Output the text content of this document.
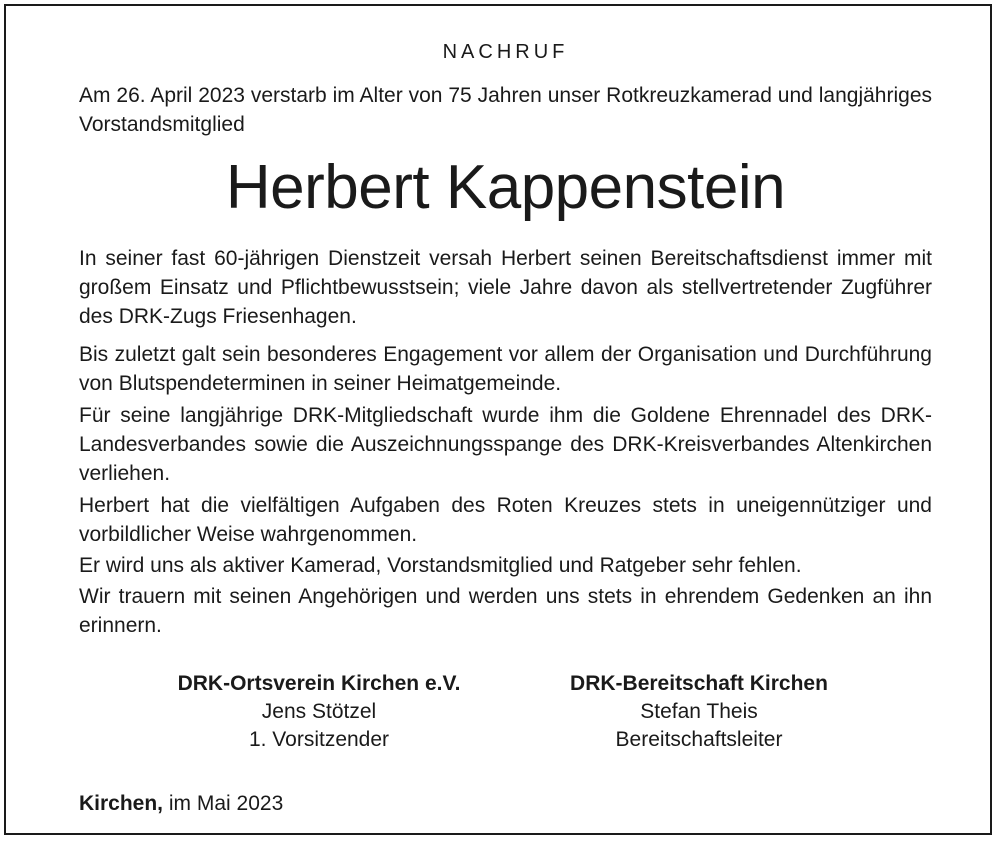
NACHRUF
Am 26. April 2023 verstarb im Alter von 75 Jahren unser Rotkreuzkamerad und langjähriges Vorstandsmitglied
Herbert Kappenstein
In seiner fast 60-jährigen Dienstzeit versah Herbert seinen Bereitschaftsdienst immer mit großem Einsatz und Pflichtbewusstsein; viele Jahre davon als stellvertretender Zugführer des DRK-Zugs Friesenhagen.
Bis zuletzt galt sein besonderes Engagement vor allem der Organisation und Durchführung von Blutspendeterminen in seiner Heimatgemeinde.
Für seine langjährige DRK-Mitgliedschaft wurde ihm die Goldene Ehrennadel des DRK-Landesverbandes sowie die Auszeichnungsspange des DRK-Kreisverbandes Altenkirchen verliehen.
Herbert hat die vielfältigen Aufgaben des Roten Kreuzes stets in uneigennütziger und vorbildlicher Weise wahrgenommen.
Er wird uns als aktiver Kamerad, Vorstandsmitglied und Ratgeber sehr fehlen.
Wir trauern mit seinen Angehörigen und werden uns stets in ehrendem Gedenken an ihn erinnern.
DRK-Ortsverein Kirchen e.V.
Jens Stötzel
1. Vorsitzender
DRK-Bereitschaft Kirchen
Stefan Theis
Bereitschaftsleiter
Kirchen, im Mai 2023
